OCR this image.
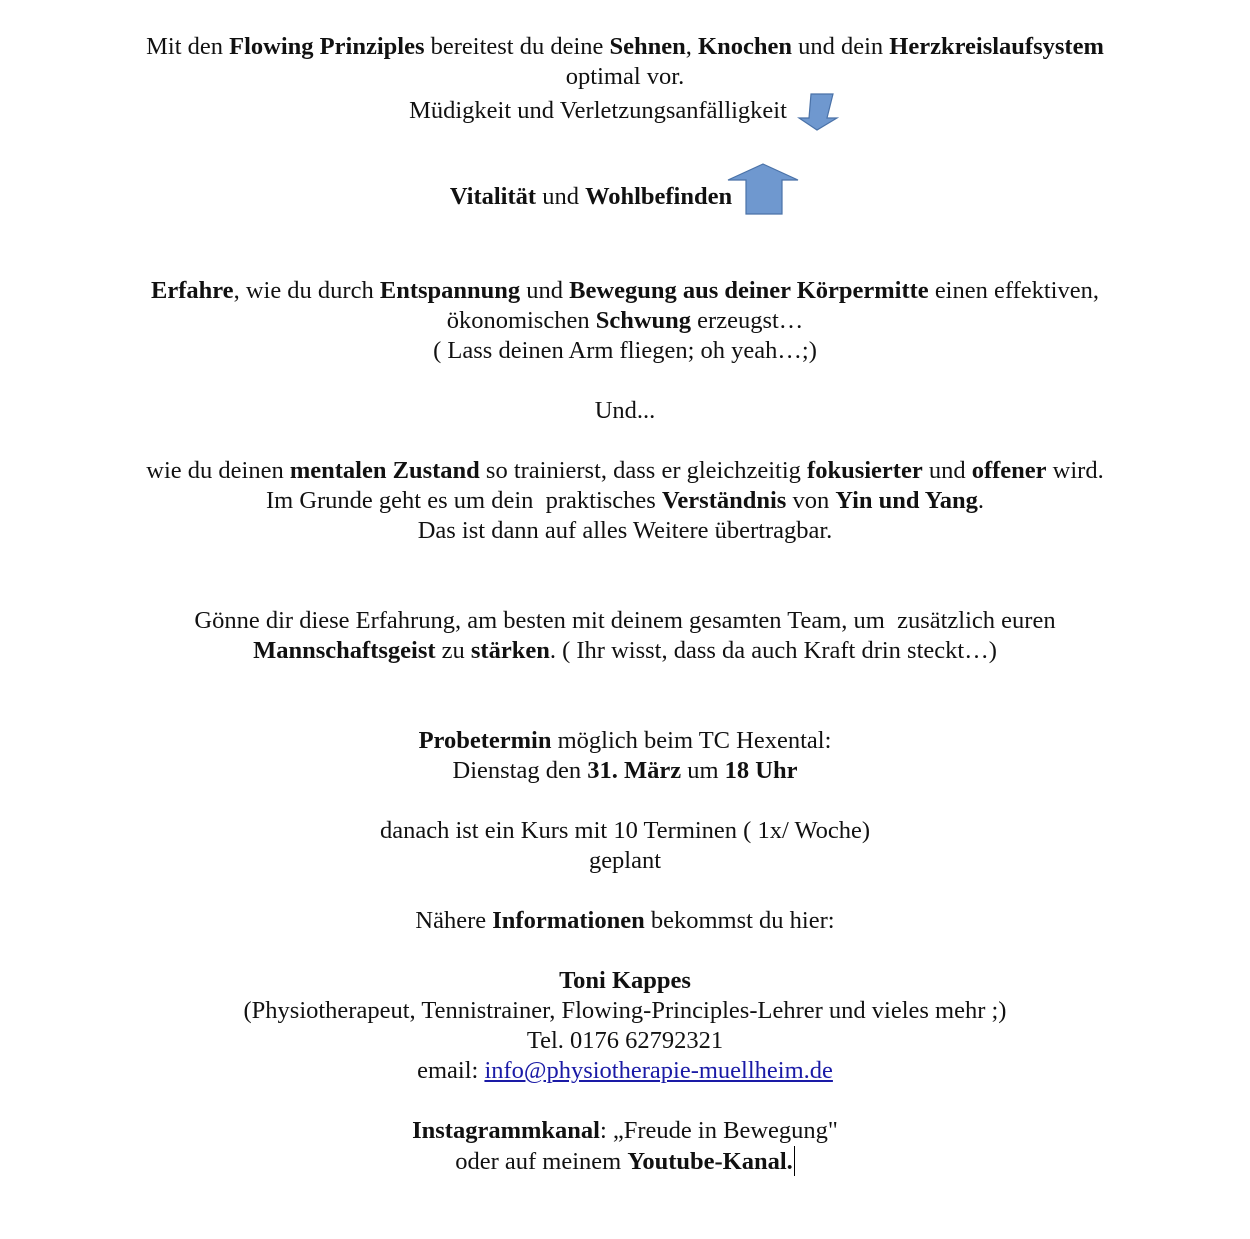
Mit den Flowing Prinziples bereitest du deine Sehnen, Knochen und dein Herzkreislaufsystem

optimal vor.

Müdigkeit und Verletzungsanfälligkeit

Vitalität und Wohlbefinden

Erfahre, wie du durch Entspannung und Bewegung aus deiner Körpermitte einen effektiven,

ökonomischen Schwung erzeugst…

( Lass deinen Arm fliegen; oh yeah…;)

Und...

wie du deinen mentalen Zustand so trainierst, dass er gleichzeitig fokusierter und offener wird.

Im Grunde geht es um dein  praktisches Verständnis von Yin und Yang.

Das ist dann auf alles Weitere übertragbar.

Gönne dir diese Erfahrung, am besten mit deinem gesamten Team, um  zusätzlich euren

Mannschaftsgeist zu stärken. ( Ihr wisst, dass da auch Kraft drin steckt…)

Probetermin möglich beim TC Hexental:

Dienstag den 31. März um 18 Uhr

danach ist ein Kurs mit 10 Terminen ( 1x/ Woche)

geplant

Nähere Informationen bekommst du hier:

Toni Kappes

(Physiotherapeut, Tennistrainer, Flowing-Principles-Lehrer und vieles mehr ;)

Tel. 0176 62792321

email: info@physiotherapie-muellheim.de

Instagrammkanal: „Freude in Bewegung"

oder auf meinem Youtube-Kanal.
